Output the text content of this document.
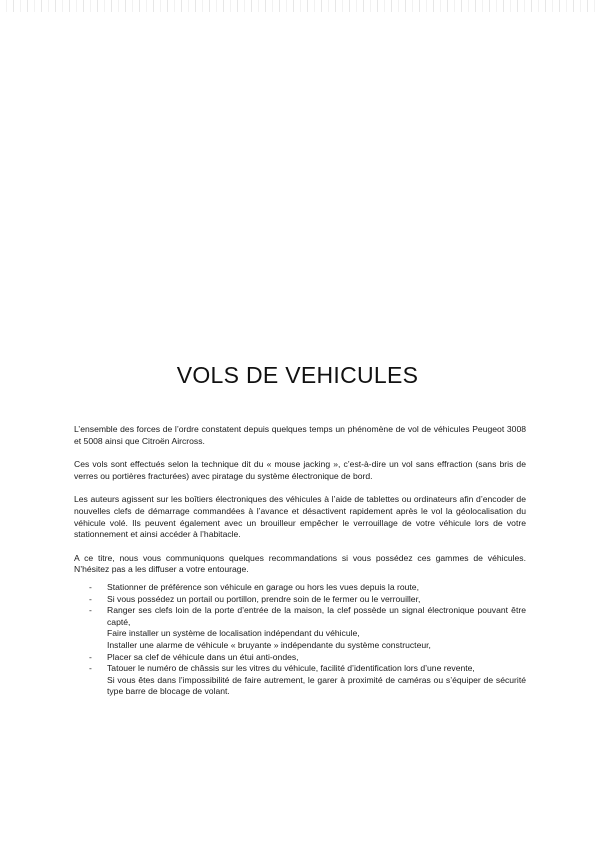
VOLS DE VEHICULES

L’ensemble des forces de l’ordre constatent depuis quelques temps un phénomène de vol de véhicules Peugeot 3008 et 5008 ainsi que Citroën Aircross.

Ces vols sont effectués selon la technique dit du « mouse jacking », c’est-à-dire un vol sans effraction (sans bris de verres ou portières fracturées) avec piratage du système électronique de bord.

Les auteurs agissent sur les boîtiers électroniques des véhicules à l’aide de tablettes ou ordinateurs afin d’encoder de nouvelles clefs de démarrage commandées à l’avance et désactivent rapidement après le vol la géolocalisation du véhicule volé. Ils peuvent également avec un brouilleur empêcher le verrouillage de votre véhicule lors de votre stationnement et ainsi accéder à l’habitacle.

A ce titre, nous vous communiquons quelques recommandations si vous possédez ces gammes de véhicules. N’hésitez pas a les diffuser a votre entourage.

- Stationner de préférence son véhicule en garage ou hors les vues depuis la route,
- Si vous possédez un portail ou portillon, prendre soin de le fermer ou le verrouiller,
- Ranger ses clefs loin de la porte d’entrée de la maison, la clef possède un signal électronique pouvant être capté,
Faire installer un système de localisation indépendant du véhicule,
Installer une alarme de véhicule « bruyante » indépendante du système constructeur,
- Placer sa clef de véhicule dans un étui anti-ondes,
- Tatouer le numéro de châssis sur les vitres du véhicule, facilité d’identification lors d’une revente,
Si vous êtes dans l’impossibilité de faire autrement, le garer à proximité de caméras ou s’équiper de sécurité type barre de blocage de volant.
